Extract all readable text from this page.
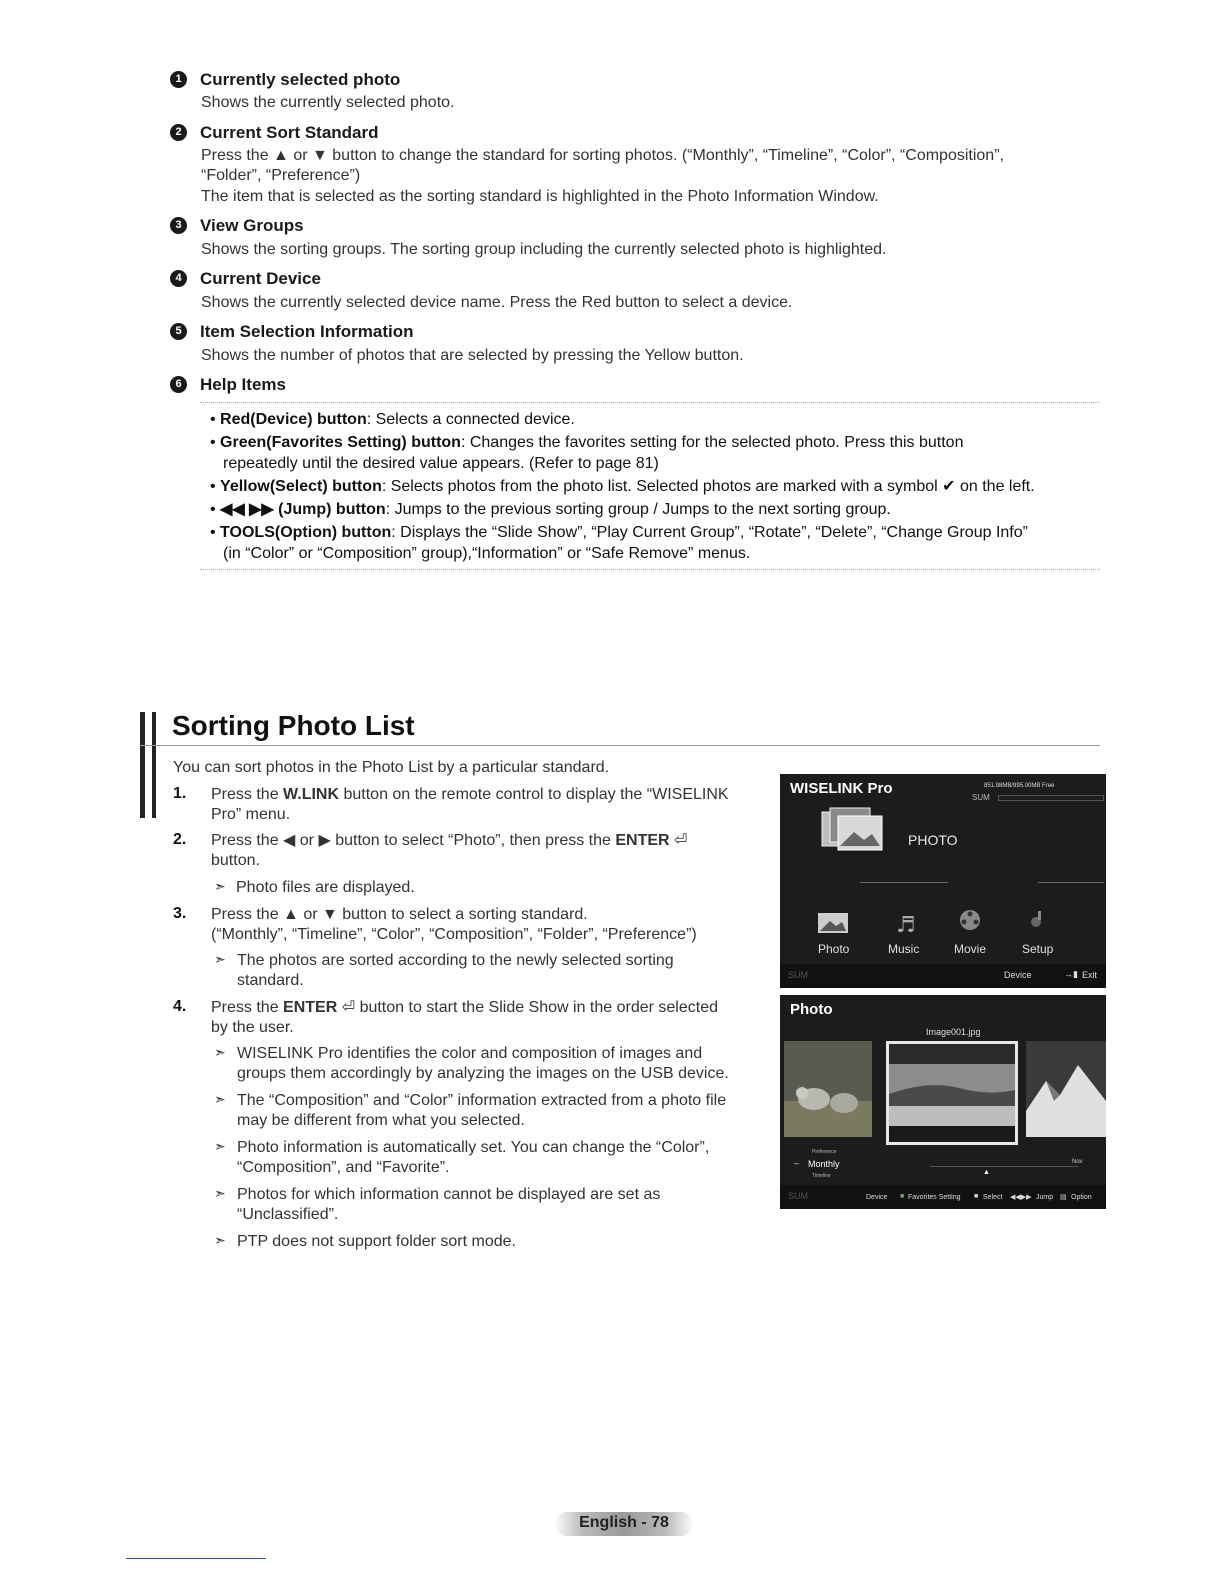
1	Currently selected photo
Shows the currently selected photo.
2	Current Sort Standard
Press the ▲ or ▼ button to change the standard for sorting photos. (“Monthly”, “Timeline”, “Color”, “Composition”,
“Folder”, “Preference”)
The item that is selected as the sorting standard is highlighted in the Photo Information Window.
3	View Groups
Shows the sorting groups. The sorting group including the currently selected photo is highlighted.
4	Current Device
Shows the currently selected device name. Press the Red button to select a device.
5	Item Selection Information
Shows the number of photos that are selected by pressing the Yellow button.
6	Help Items
• Red(Device) button: Selects a connected device.
• Green(Favorites Setting) button: Changes the favorites setting for the selected photo. Press this button
repeatedly until the desired value appears. (Refer to page 81)
• Yellow(Select) button: Selects photos from the photo list. Selected photos are marked with a symbol ✔ on the left.
• ◀◀ ▶▶ (Jump) button: Jumps to the previous sorting group / Jumps to the next sorting group.
• TOOLS(Option) button: Displays the “Slide Show”, “Play Current Group”, “Rotate”, “Delete”, “Change Group Info”
(in “Color” or “Composition” group),“Information” or “Safe Remove” menus.
Sorting Photo List
You can sort photos in the Photo List by a particular standard.
1. Press the W.LINK button on the remote control to display the “WISELINK
Pro” menu.
2. Press the ◀ or ▶ button to select “Photo”, then press the ENTER ⏎
button.
➣ Photo files are displayed.
3. Press the ▲ or ▼ button to select a sorting standard.
(“Monthly”, “Timeline”, “Color”, “Composition”, “Folder”, “Preference”)
➣ The photos are sorted according to the newly selected sorting
standard.
4. Press the ENTER ⏎ button to start the Slide Show in the order selected
by the user.
➣ WISELINK Pro identifies the color and composition of images and
groups them accordingly by analyzing the images on the USB device.
➣ The “Composition” and “Color” information extracted from a photo file
may be different from what you selected.
➣ Photo information is automatically set. You can change the “Color”,
“Composition”, and “Favorite”.
➣ Photos for which information cannot be displayed are set as
“Unclassified”.
➣ PTP does not support folder sort mode.
WISELINK Pro	851.98MB/995.00MB Free
SUM
PHOTO
♬
Photo	Music	Movie	Setup
SUM	Device	→▮ Exit
Photo
Image001.jpg
Preference
– Monthly
Timeline	▲
Nov
SUM	Device ■ Favorites Setting ■ Select ◀◀▶▶ Jump ▤ Option
English - 78
